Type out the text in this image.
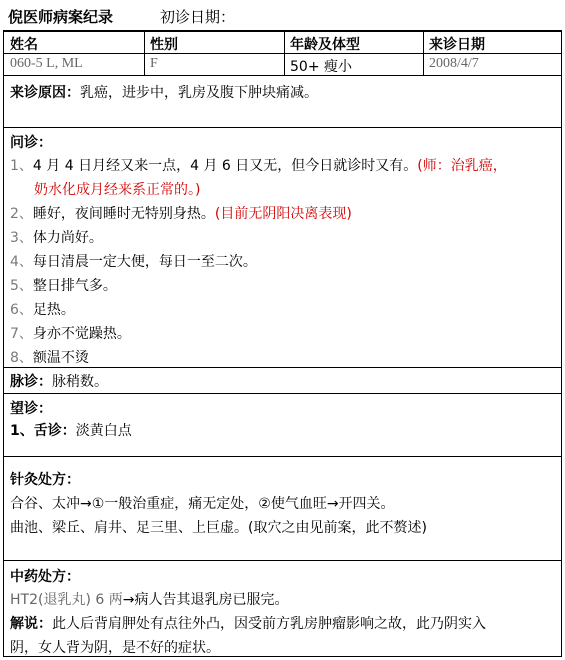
倪医师病案纪录	初诊日期：
姓名	性别	年龄及体型	来诊日期
060-5 L, ML	F	50+ 瘦小	2008/4/7
来诊原因：乳癌，进步中，乳房及腹下肿块痛减。
问诊：
1、4 月 4 日月经又来一点，4 月 6 日又无，但今日就诊时又有。(师：治乳癌，
奶水化成月经来系正常的。)
2、睡好，夜间睡时无特别身热。(目前无阴阳决离表现)
3、体力尚好。
4、每日清晨一定大便，每日一至二次。
5、整日排气多。
6、足热。
7、身亦不觉躁热。
8、额温不烫
脉诊：脉稍数。
望诊：
1、舌诊：淡黄白点
针灸处方：
合谷、太冲→①一般治重症，痛无定处，②使气血旺→开四关。
曲池、梁丘、肩井、足三里、上巨虚。(取穴之由见前案，此不赘述)
中药处方：
HT2(退乳丸) 6 两→病人告其退乳房已服完。
解说：此人后背肩胛处有点往外凸，因受前方乳房肿瘤影响之故，此乃阴实入
阴，女人背为阴，是不好的症状。
